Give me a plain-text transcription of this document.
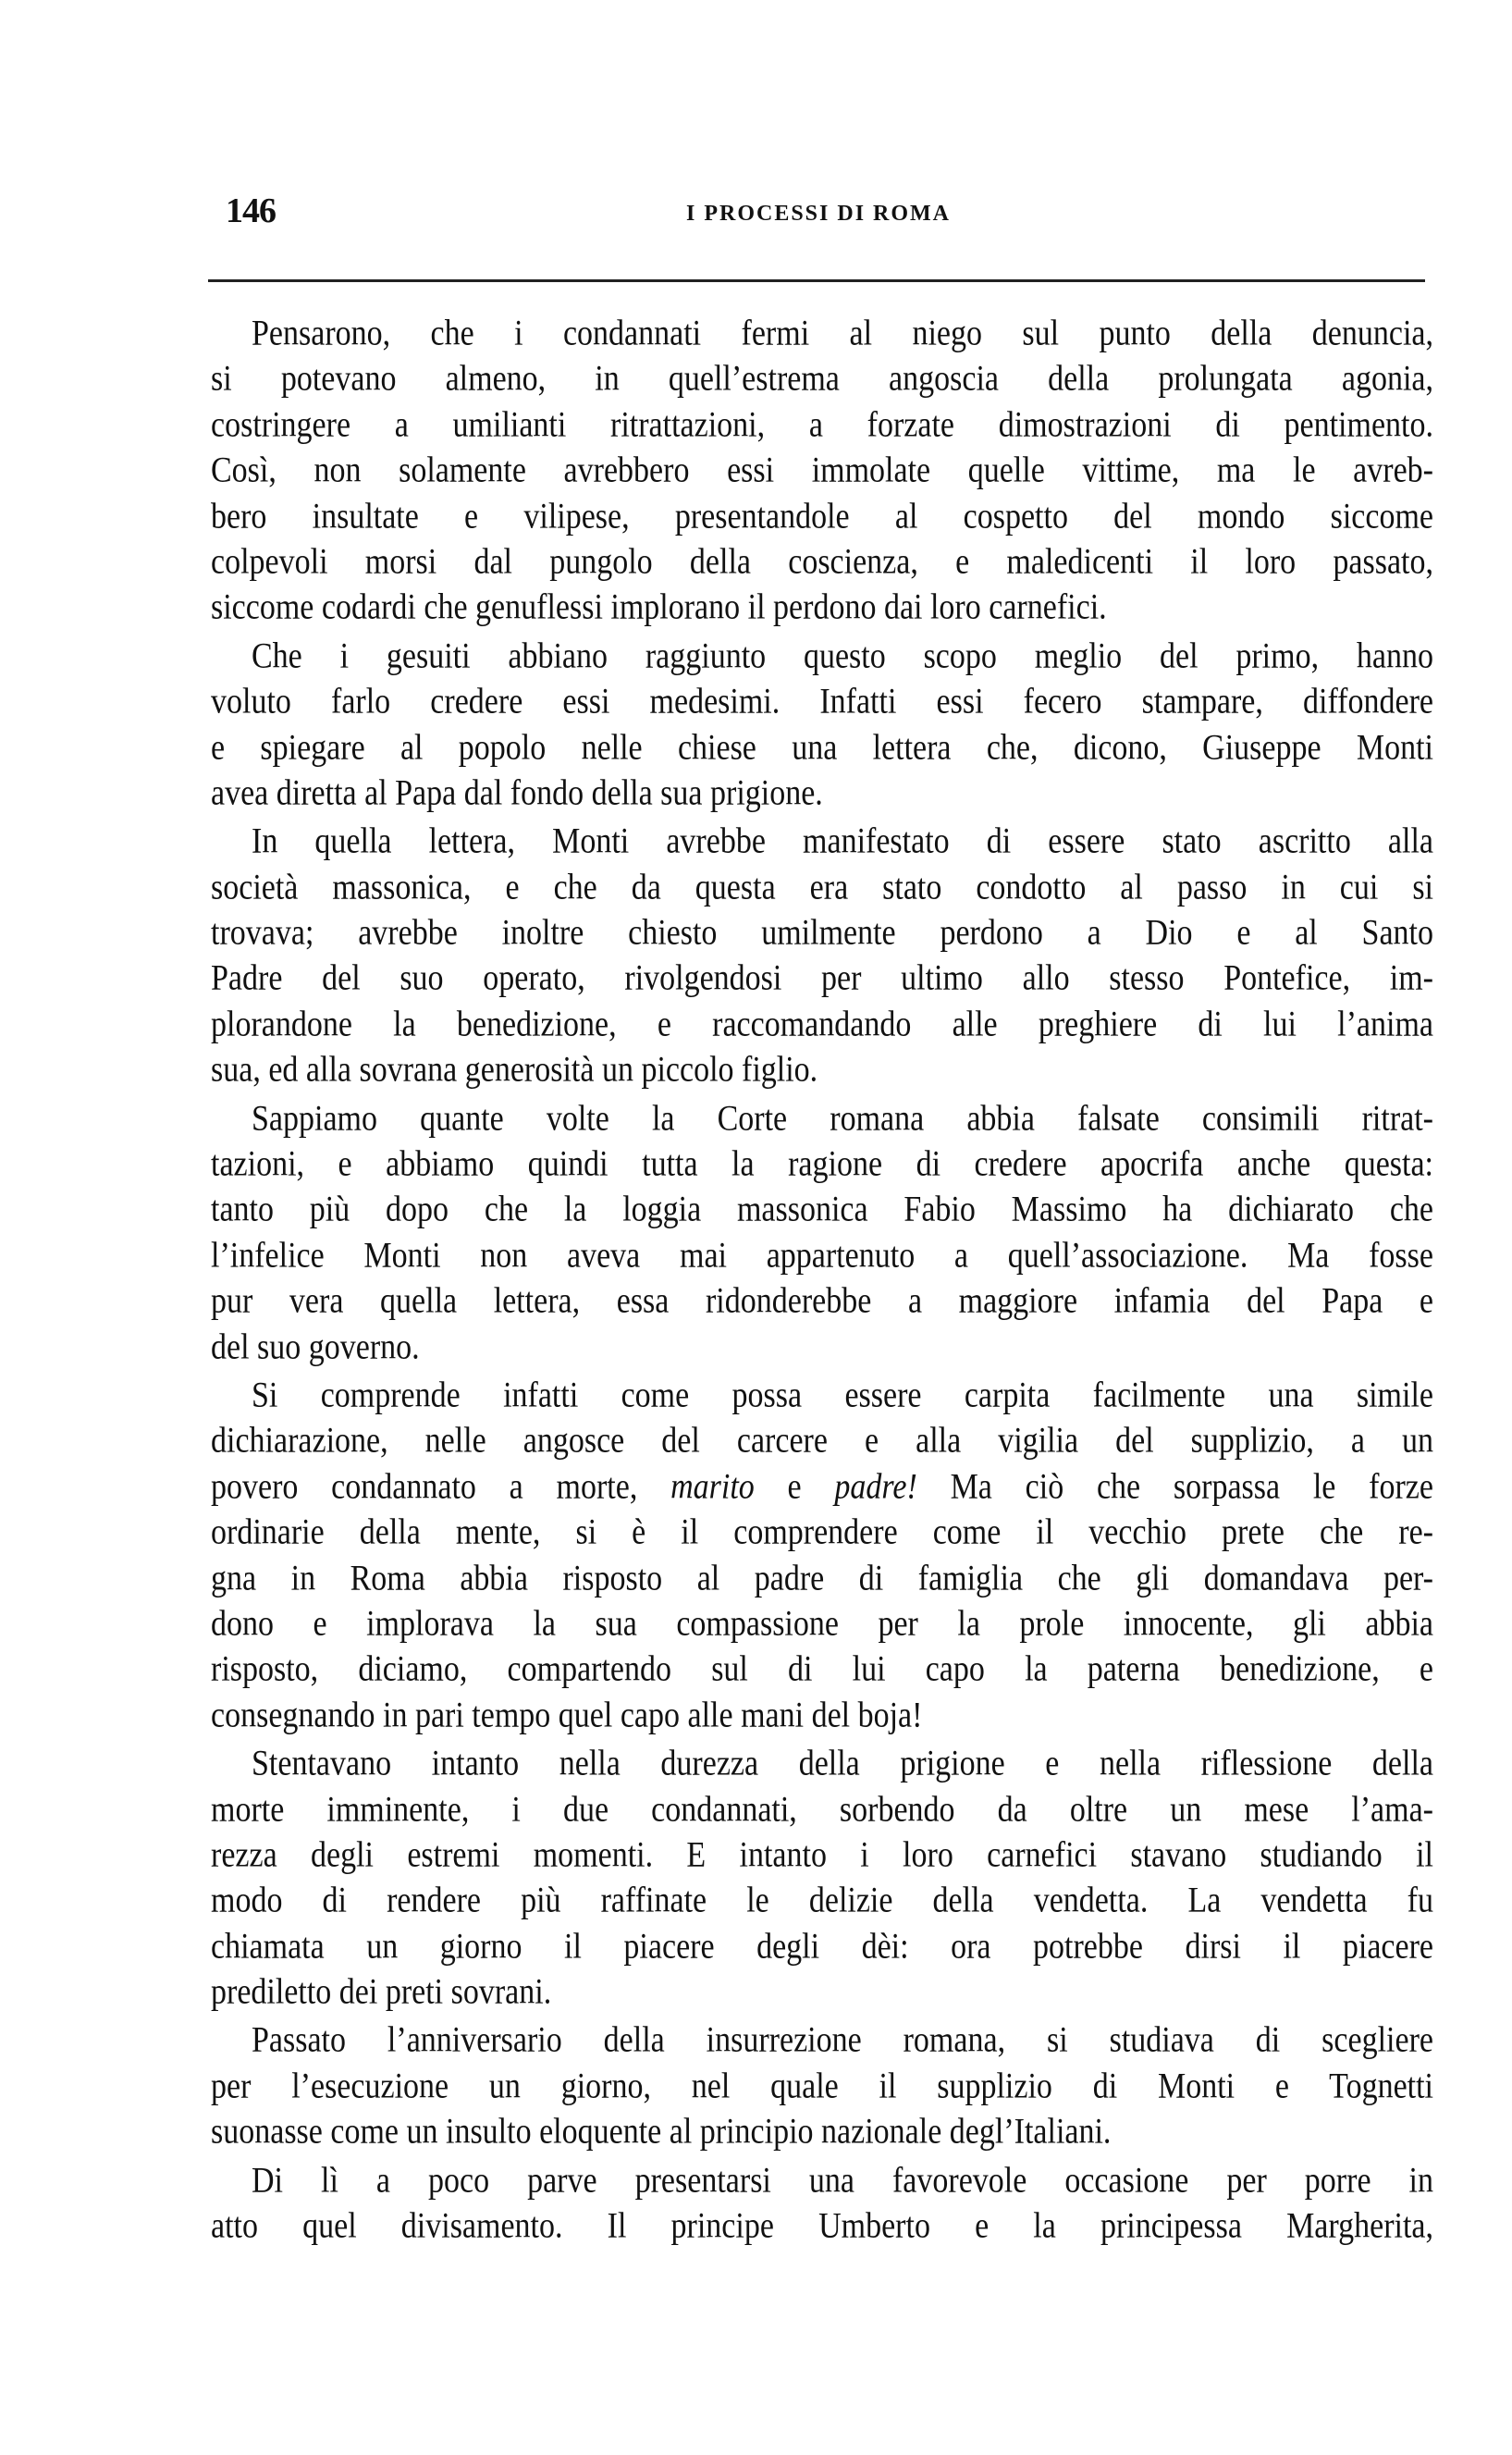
146	I PROCESSI DI ROMA
Pensarono, che i condannati fermi al niego sul punto della denuncia,
si potevano almeno, in quell’estrema angoscia della prolungata agonia,
costringere a umilianti ritrattazioni, a forzate dimostrazioni di pentimento.
Così, non solamente avrebbero essi immolate quelle vittime, ma le avreb-
bero insultate e vilipese, presentandole al cospetto del mondo siccome
colpevoli morsi dal pungolo della coscienza, e maledicenti il loro passato,
siccome codardi che genuflessi implorano il perdono dai loro carnefici.
Che i gesuiti abbiano raggiunto questo scopo meglio del primo, hanno
voluto farlo credere essi medesimi. Infatti essi fecero stampare, diffondere
e spiegare al popolo nelle chiese una lettera che, dicono, Giuseppe Monti
avea diretta al Papa dal fondo della sua prigione.
In quella lettera, Monti avrebbe manifestato di essere stato ascritto alla
società massonica, e che da questa era stato condotto al passo in cui si
trovava; avrebbe inoltre chiesto umilmente perdono a Dio e al Santo
Padre del suo operato, rivolgendosi per ultimo allo stesso Pontefice, im-
plorandone la benedizione, e raccomandando alle preghiere di lui l’anima
sua, ed alla sovrana generosità un piccolo figlio.
Sappiamo quante volte la Corte romana abbia falsate consimili ritrat-
tazioni, e abbiamo quindi tutta la ragione di credere apocrifa anche questa:
tanto più dopo che la loggia massonica Fabio Massimo ha dichiarato che
l’infelice Monti non aveva mai appartenuto a quell’associazione. Ma fosse
pur vera quella lettera, essa ridonderebbe a maggiore infamia del Papa e
del suo governo.
Si comprende infatti come possa essere carpita facilmente una simile
dichiarazione, nelle angosce del carcere e alla vigilia del supplizio, a un
povero condannato a morte, marito e padre! Ma ciò che sorpassa le forze
ordinarie della mente, si è il comprendere come il vecchio prete che re-
gna in Roma abbia risposto al padre di famiglia che gli domandava per-
dono e implorava la sua compassione per la prole innocente, gli abbia
risposto, diciamo, compartendo sul di lui capo la paterna benedizione, e
consegnando in pari tempo quel capo alle mani del boja!
Stentavano intanto nella durezza della prigione e nella riflessione della
morte imminente, i due condannati, sorbendo da oltre un mese l’ama-
rezza degli estremi momenti. E intanto i loro carnefici stavano studiando il
modo di rendere più raffinate le delizie della vendetta. La vendetta fu
chiamata un giorno il piacere degli dèi: ora potrebbe dirsi il piacere
prediletto dei preti sovrani.
Passato l’anniversario della insurrezione romana, si studiava di scegliere
per l’esecuzione un giorno, nel quale il supplizio di Monti e Tognetti
suonasse come un insulto eloquente al principio nazionale degl’Italiani.
Di lì a poco parve presentarsi una favorevole occasione per porre in
atto quel divisamento. Il principe Umberto e la principessa Margherita,
